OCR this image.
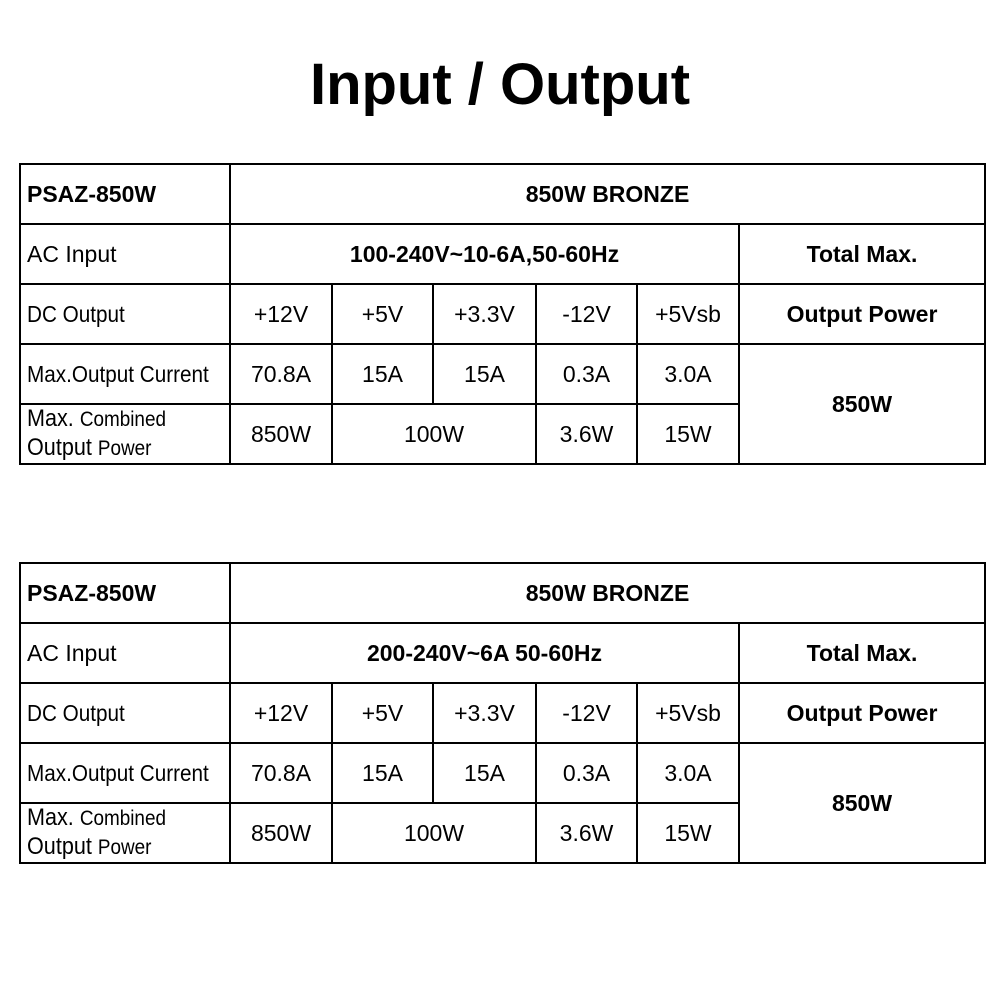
Input / Output
PSAZ-850W	850W BRONZE					
AC Input	100-240V~10-6A,50-60Hz					Total Max.
DC Output	+12V	+5V	+3.3V	-12V	+5Vsb	Output Power
Max.Output Current	70.8A	15A	15A	0.3A	3.0A	850W
Max. Combined
Output Power	850W	100W		3.6W	15W	
PSAZ-850W	850W BRONZE					
AC Input	200-240V~6A 50-60Hz					Total Max.
DC Output	+12V	+5V	+3.3V	-12V	+5Vsb	Output Power
Max.Output Current	70.8A	15A	15A	0.3A	3.0A	850W
Max. Combined
Output Power	850W	100W		3.6W	15W	
